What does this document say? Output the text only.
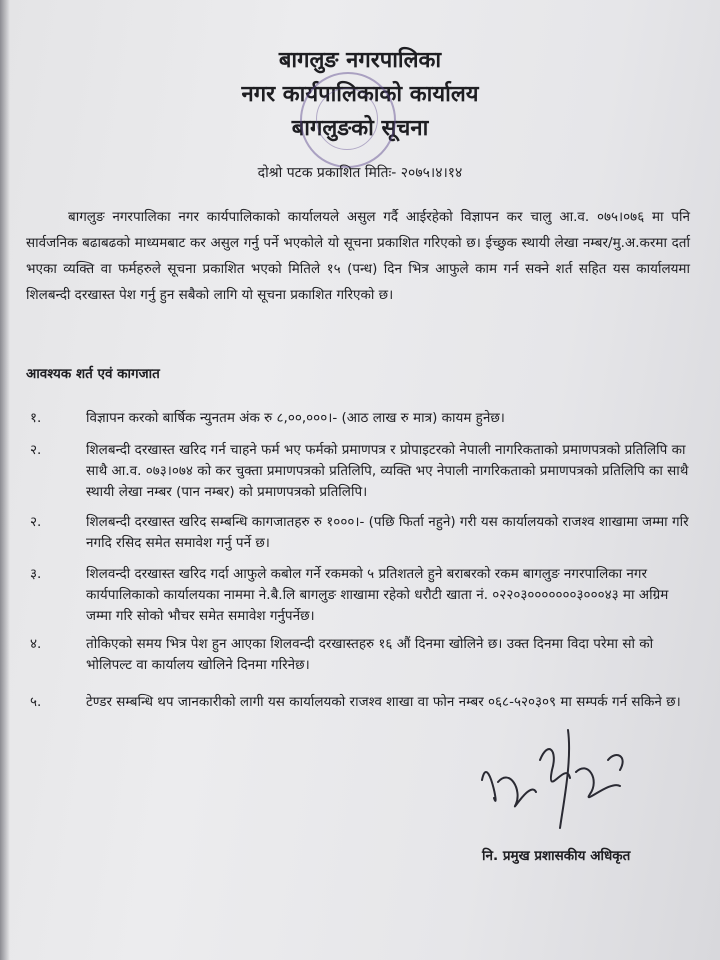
बागलुङ नगरपालिका
नगर कार्यपालिकाको कार्यालय
बागलुङको सूचना
दोश्रो पटक प्रकाशित मितिः- २०७५।४।१४
बागलुङ नगरपालिका नगर कार्यपालिकाको कार्यालयले असुल गर्दै आईरहेको विज्ञापन कर चालु आ.व. ०७५।०७६ मा पनि सार्वजनिक बढाबढको माध्यमबाट कर असुल गर्नु पर्ने भएकोले यो सूचना प्रकाशित गरिएको छ। ईच्छुक स्थायी लेखा नम्बर/मु.अ.करमा दर्ता भएका व्यक्ति वा फर्महरुले सूचना प्रकाशित भएको मितिले १५ (पन्ध) दिन भित्र आफुले काम गर्न सक्ने शर्त सहित यस कार्यालयमा शिलबन्दी दरखास्त पेश गर्नु हुन सबैको लागि यो सूचना प्रकाशित गरिएको छ।
आवश्यक शर्त एवं कागजात
१.	विज्ञापन करको बार्षिक न्युनतम अंक रु ८,००,०००।- (आठ लाख रु मात्र) कायम हुनेछ।
२.	शिलबन्दी दरखास्त खरिद गर्न चाहने फर्म भए फर्मको प्रमाणपत्र र प्रोपाइटरको नेपाली नागरिकताको प्रमाणपत्रको प्रतिलिपि का साथै आ.व. ०७३।०७४ को कर चुक्ता प्रमाणपत्रको प्रतिलिपि, व्यक्ति भए नेपाली नागरिकताको प्रमाणपत्रको प्रतिलिपि का साथै स्थायी लेखा नम्बर (पान नम्बर) को प्रमाणपत्रको प्रतिलिपि।
२.	शिलबन्दी दरखास्त खरिद सम्बन्धि कागजातहरु रु १०००।- (पछि फिर्ता नहुने) गरी यस कार्यालयको राजश्व शाखामा जम्मा गरि नगदि रसिद समेत समावेश गर्नु पर्ने छ।
३.	शिलवन्दी दरखास्त खरिद गर्दा आफुले कबोल गर्ने रकमको ५ प्रतिशतले हुने बराबरको रकम बागलुङ नगरपालिका नगर कार्यपालिकाको कार्यालयका नाममा ने.बै.लि बागलुङ शाखामा रहेको धरौटी खाता नं. ०२२०३०००००००३०००४३ मा अग्रिम जम्मा गरि सोको भौचर समेत समावेश गर्नुपर्नेछ।
४.	तोकिएको समय भित्र पेश हुन आएका शिलवन्दी दरखास्तहरु १६ औं दिनमा खोलिने छ। उक्त दिनमा विदा परेमा सो को भोलिपल्ट वा कार्यालय खोलिने दिनमा गरिनेछ।
५.	टेण्डर सम्बन्धि थप जानकारीको लागी यस कार्यालयको राजश्व शाखा वा फोन नम्बर ०६८-५२०३०९ मा सम्पर्क गर्न सकिने छ।
नि. प्रमुख प्रशासकीय अधिकृत
